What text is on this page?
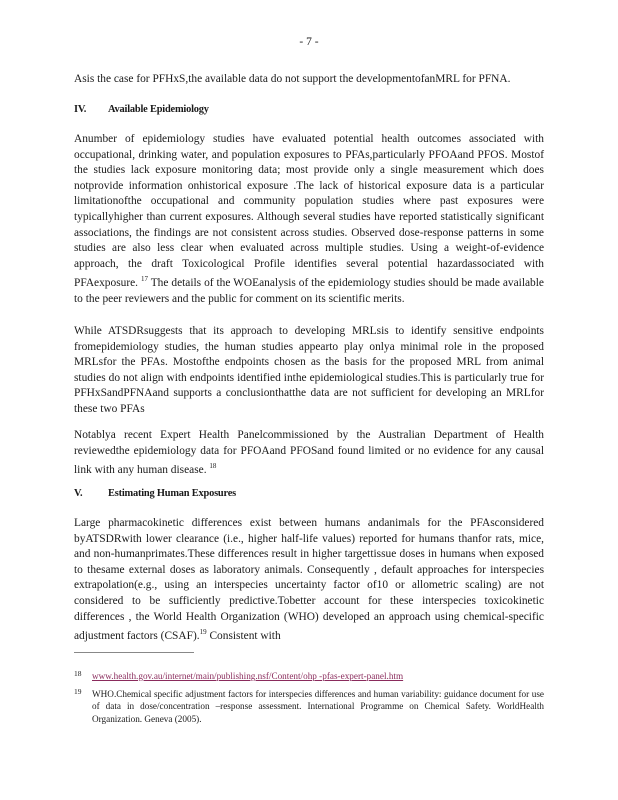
- 7 -

Asis the case for PFHxS,the available data do not support the developmentofanMRL for PFNA.

IV. Available Epidemiology

Anumber of epidemiology studies have evaluated potential health outcomes associated with occupational, drinking water, and population exposures to PFAs,particularly PFOAand PFOS. Mostof the studies lack exposure monitoring data; most provide only a single measurement which does notprovide information onhistorical exposure .The lack of historical exposure data is a particular limitationofthe occupational and community population studies where past exposures were typicallyhigher than current exposures. Although several studies have reported statistically significant associations, the findings are not consistent across studies. Observed dose-response patterns in some studies are also less clear when evaluated across multiple studies. Using a weight-of-evidence approach, the draft Toxicological Profile identifies several potential hazardassociated with PFAexposure. $^{17}$ The details of the WOEanalysis of the epidemiology studies should be made available to the peer reviewers and the public for comment on its scientific merits.

While ATSDRsuggests that its approach to developing MRLsis to identify sensitive endpoints fromepidemiology studies, the human studies appearto play onlya minimal role in the proposed MRLsfor the PFAs. Mostofthe endpoints chosen as the basis for the proposed MRL from animal studies do not align with endpoints identified inthe epidemiological studies.This is particularly true for PFHxSandPFNAand supports a conclusionthatthe data are not sufficient for developing an MRLfor these two PFAs

Notablya recent Expert Health Panelcommissioned by the Australian Department of Health reviewedthe epidemiology data for PFOAand PFOSand found limited or no evidence for any causal link with any human disease. $^{18}$

V. Estimating Human Exposures

Large pharmacokinetic differences exist between humans andanimals for the PFAsconsidered byATSDRwith lower clearance (i.e., higher half-life values) reported for humans thanfor rats, mice, and non-humanprimates.These differences result in higher targettissue doses in humans when exposed to thesame external doses as laboratory animals. Consequently , default approaches for interspecies extrapolation(e.g., using an interspecies uncertainty factor of10 or allometric scaling) are not considered to be sufficiently predictive.Tobetter account for these interspecies toxicokinetic differences , the World Health Organization (WHO) developed an approach using chemical-specific adjustment factors (CSAF).$^{19}$ Consistent with

18 www.health.gov.au/internet/main/publishing.nsf/Content/ohp -pfas-expert-panel.htm
19 WHO.Chemical specific adjustment factors for interspecies differences and human variability: guidance document for use of data in dose/concentration –response assessment. International Programme on Chemical Safety. WorldHealth Organization. Geneva (2005).
